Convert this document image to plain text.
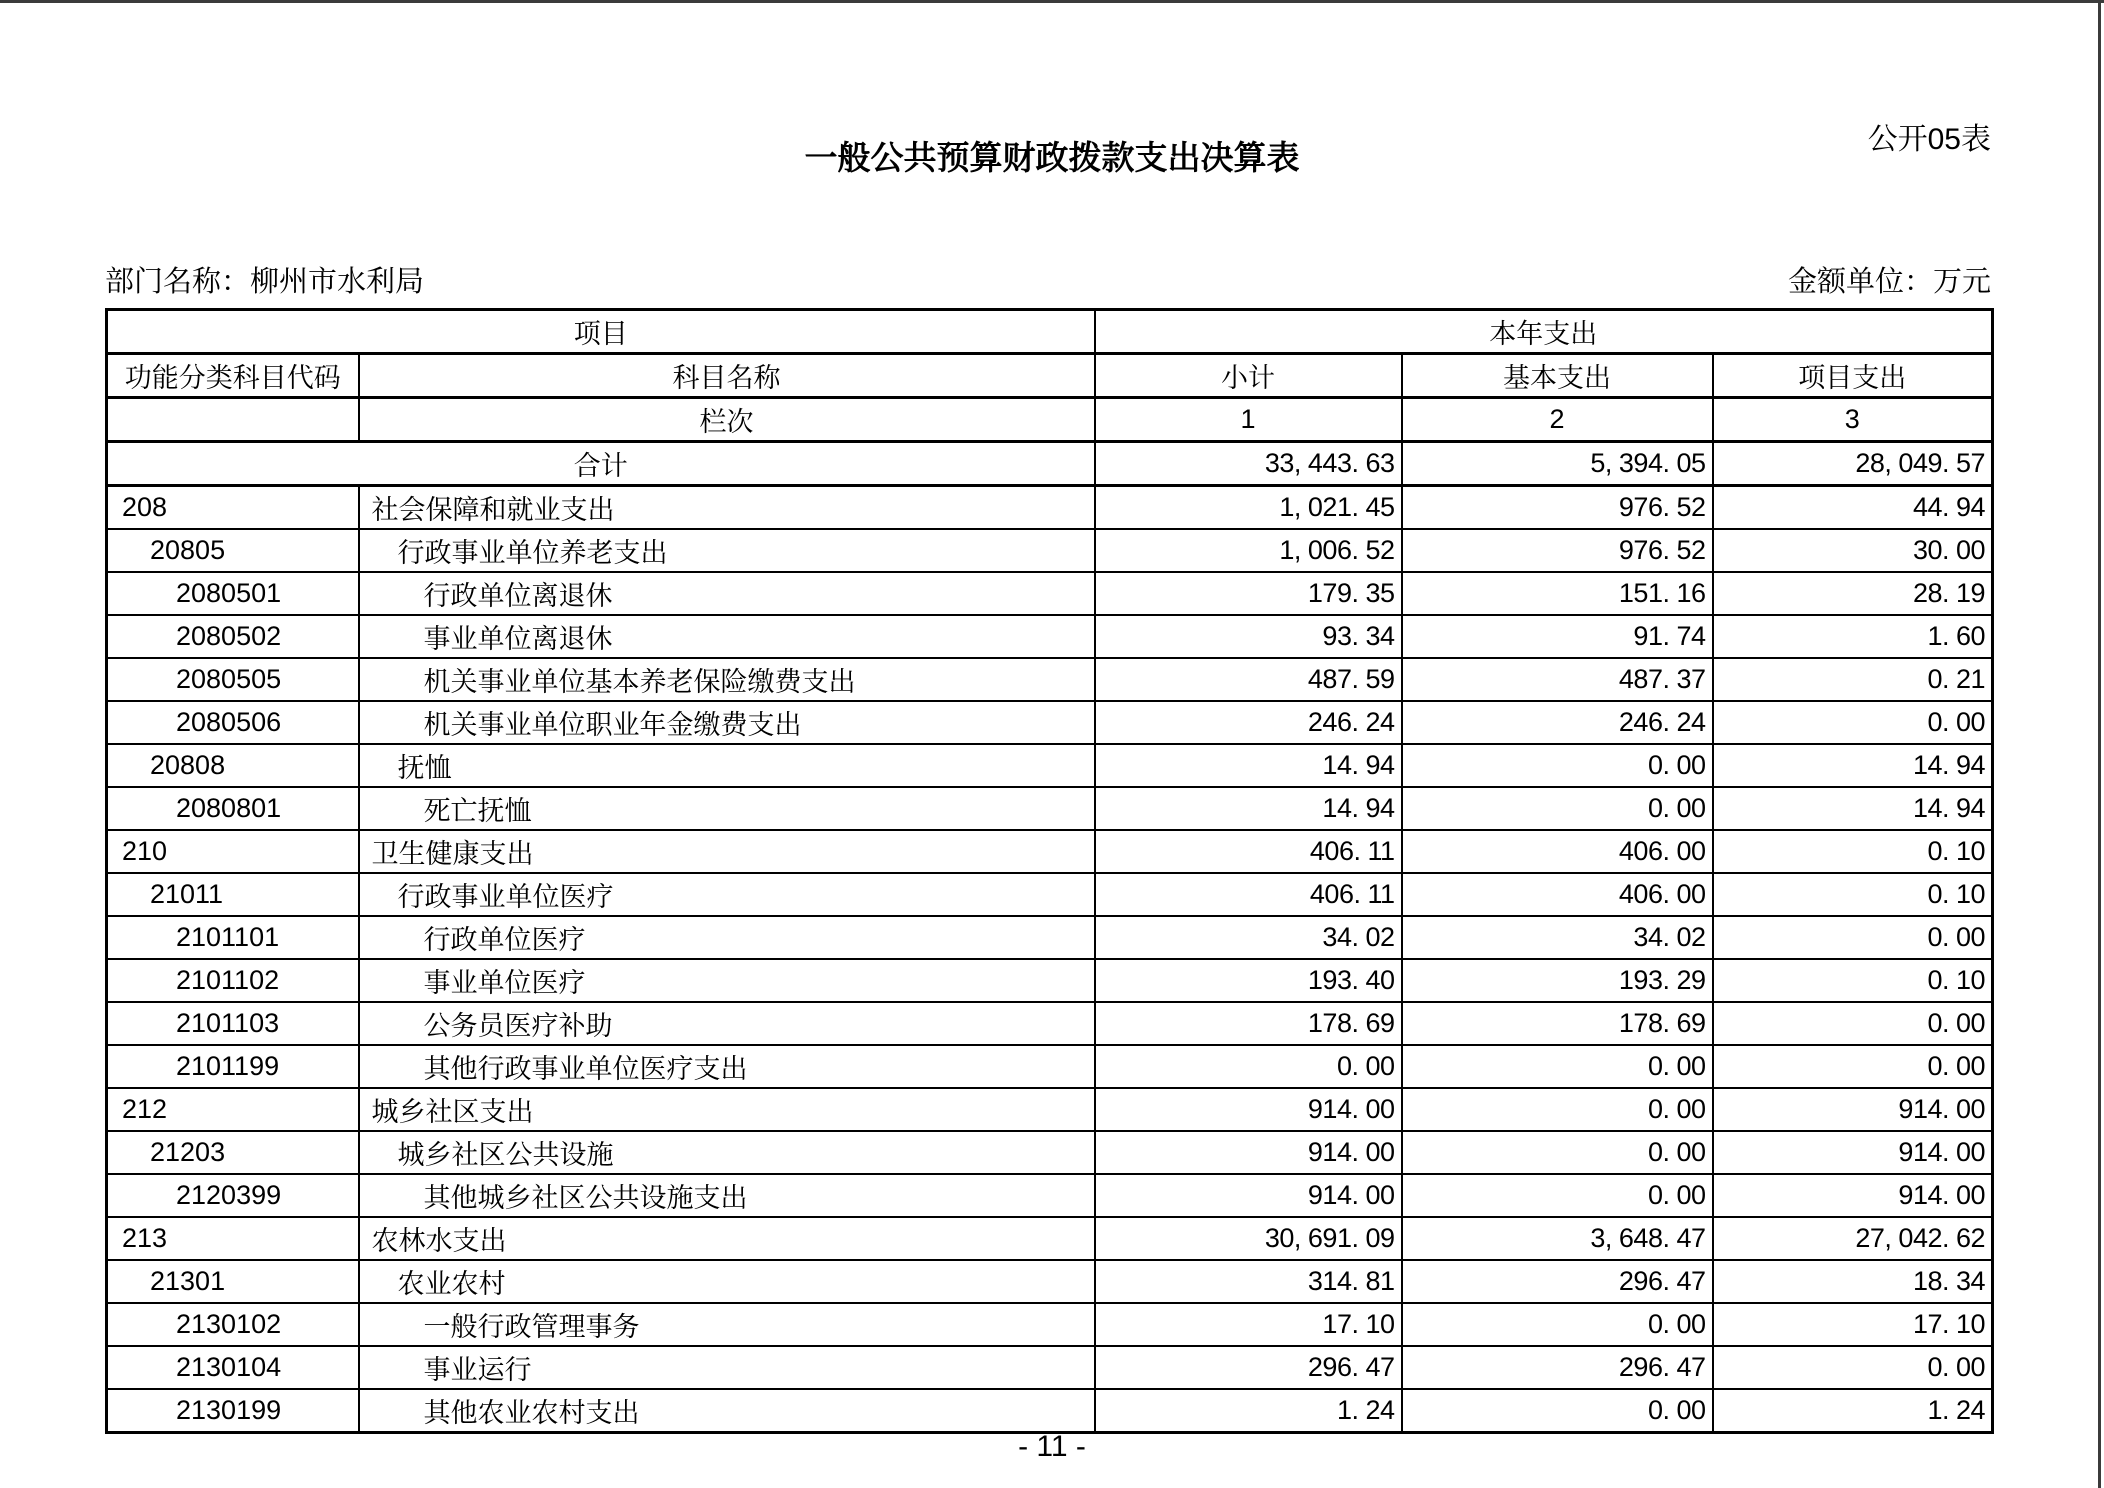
公开05表
一般公共预算财政拨款支出决算表
部门名称：柳州市水利局	金额单位：万元
项目		本年支出		
功能分类科目代码	科目名称	小计	基本支出	项目支出
	栏次	1	2	3
合计		33, 443. 63	5, 394. 05	28, 049. 57
208	社会保障和就业支出	1, 021. 45	976. 52	44. 94
20805	行政事业单位养老支出	1, 006. 52	976. 52	30. 00
2080501	行政单位离退休	179. 35	151. 16	28. 19
2080502	事业单位离退休	93. 34	91. 74	1. 60
2080505	机关事业单位基本养老保险缴费支出	487. 59	487. 37	0. 21
2080506	机关事业单位职业年金缴费支出	246. 24	246. 24	0. 00
20808	抚恤	14. 94	0. 00	14. 94
2080801	死亡抚恤	14. 94	0. 00	14. 94
210	卫生健康支出	406. 11	406. 00	0. 10
21011	行政事业单位医疗	406. 11	406. 00	0. 10
2101101	行政单位医疗	34. 02	34. 02	0. 00
2101102	事业单位医疗	193. 40	193. 29	0. 10
2101103	公务员医疗补助	178. 69	178. 69	0. 00
2101199	其他行政事业单位医疗支出	0. 00	0. 00	0. 00
212	城乡社区支出	914. 00	0. 00	914. 00
21203	城乡社区公共设施	914. 00	0. 00	914. 00
2120399	其他城乡社区公共设施支出	914. 00	0. 00	914. 00
213	农林水支出	30, 691. 09	3, 648. 47	27, 042. 62
21301	农业农村	314. 81	296. 47	18. 34
2130102	一般行政管理事务	17. 10	0. 00	17. 10
2130104	事业运行	296. 47	296. 47	0. 00
2130199	其他农业农村支出	1. 24	0. 00	1. 24
- 11 -
